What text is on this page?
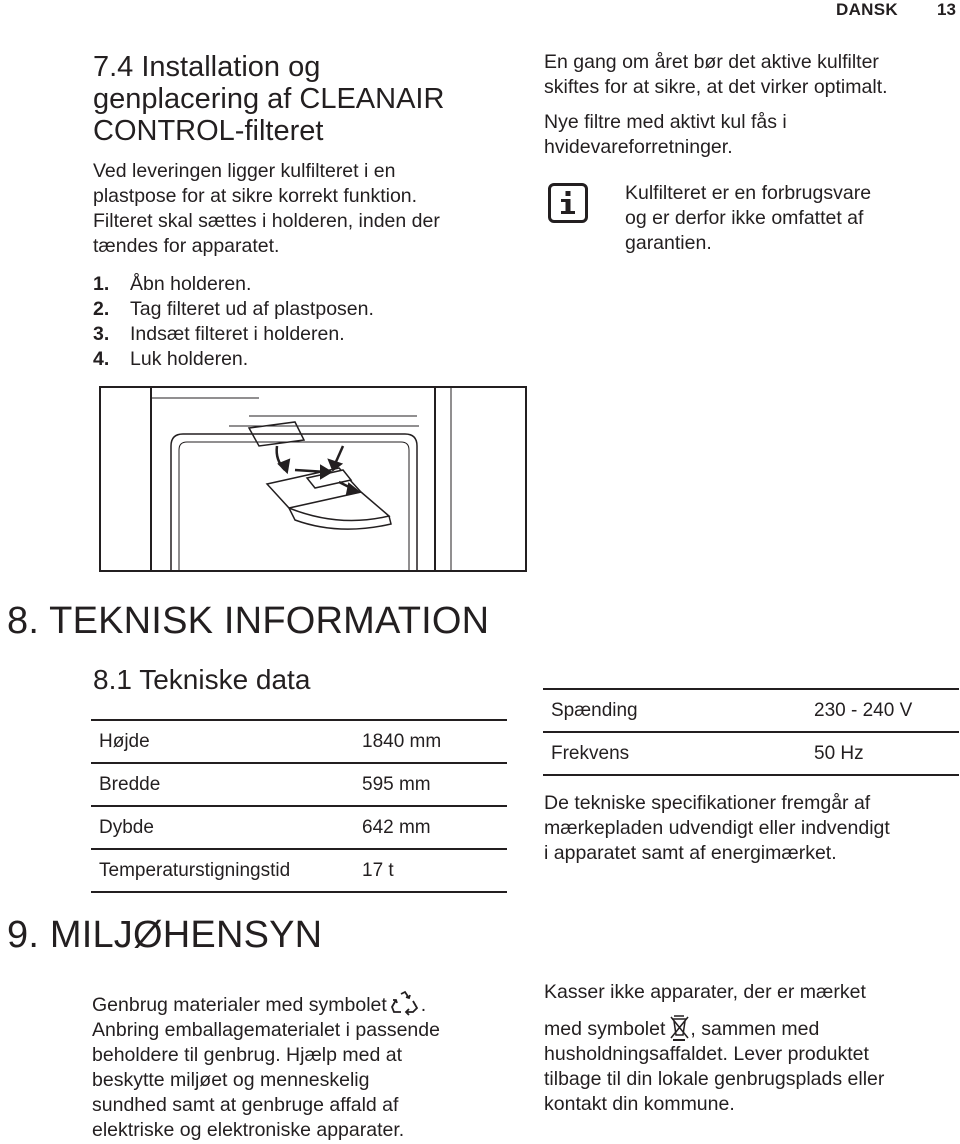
DANSK 13
7.4 Installation og
genplacering af CLEANAIR
CONTROL-filteret
Ved leveringen ligger kulfilteret i en
plastpose for at sikre korrekt funktion.
Filteret skal sættes i holderen, inden der
tændes for apparatet.
1.	Åbn holderen.
2.	Tag filteret ud af plastposen.
3.	Indsæt filteret i holderen.
4.	Luk holderen.
En gang om året bør det aktive kulfilter
skiftes for at sikre, at det virker optimalt.
Nye filtre med aktivt kul fås i
hvidevareforretninger.
Kulfilteret er en forbrugsvare
og er derfor ikke omfattet af
garantien.
8. TEKNISK INFORMATION
8.1 Tekniske data
Højde	1840 mm
Bredde	595 mm
Dybde	642 mm
Temperaturstigningstid	17 t
Spænding	230 - 240 V
Frekvens	50 Hz
De tekniske specifikationer fremgår af
mærkepladen udvendigt eller indvendigt
i apparatet samt af energimærket.
9. MILJØHENSYN
Genbrug materialer med symbolet .
Anbring emballagematerialet i passende
beholdere til genbrug. Hjælp med at
beskytte miljøet og menneskelig
sundhed samt at genbruge affald af
elektriske og elektroniske apparater.
Kasser ikke apparater, der er mærket
med symbolet , sammen med
husholdningsaffaldet. Lever produktet
tilbage til din lokale genbrugsplads eller
kontakt din kommune.
